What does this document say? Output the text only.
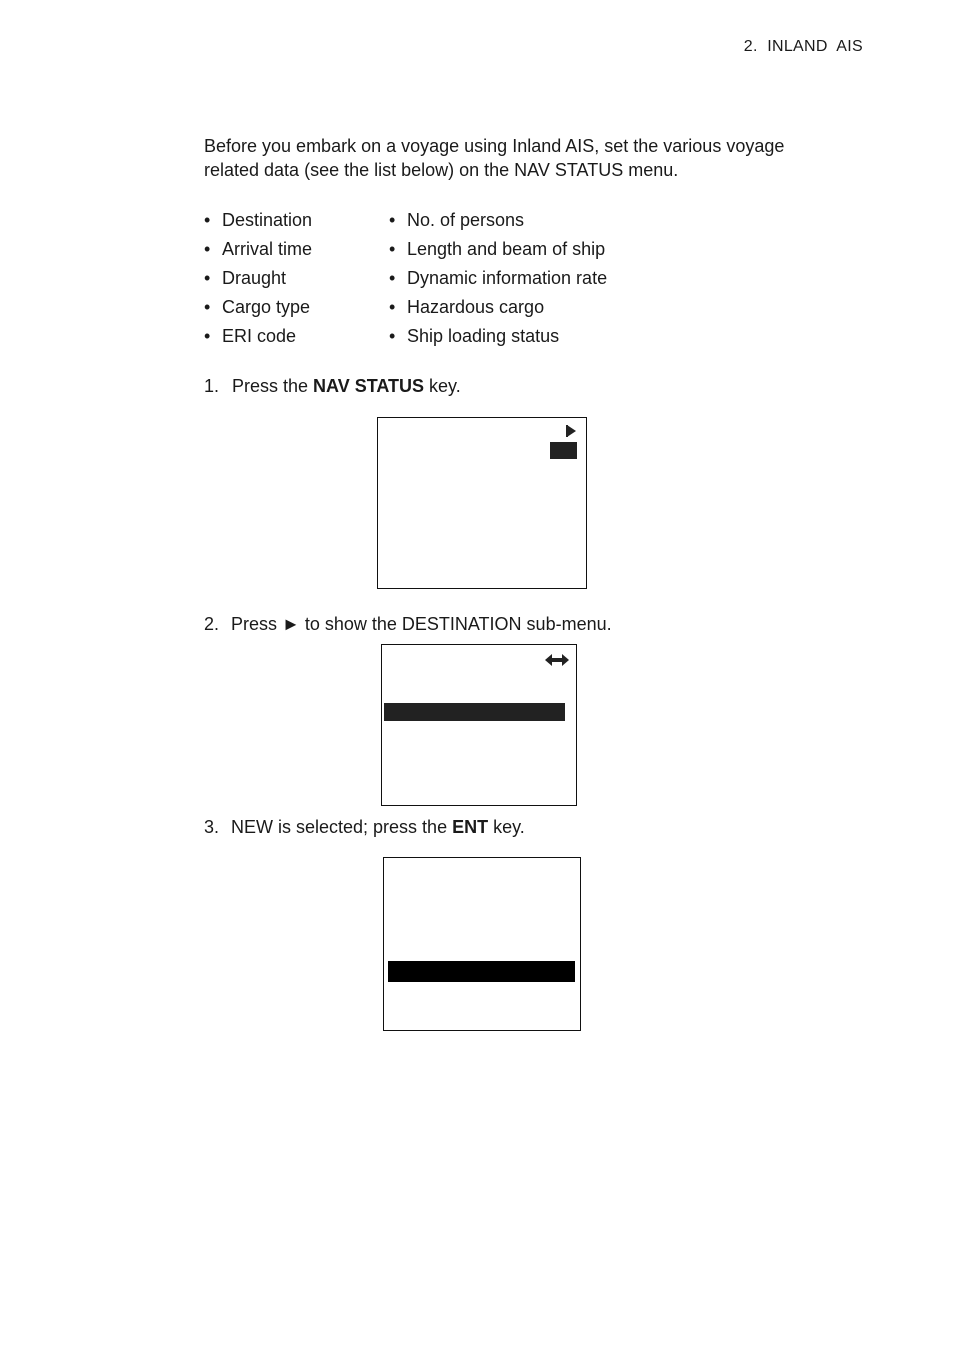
2.  INLAND  AIS
Before you embark on a voyage using Inland AIS, set the various voyage related data (see the list below) on the NAV STATUS menu.
• Destination
• Arrival time
• Draught
• Cargo type
• ERI code
• No. of persons
• Length and beam of ship
• Dynamic information rate
• Hazardous cargo
• Ship loading status
1. Press the NAV STATUS key.
2. Press ► to show the DESTINATION sub-menu.
3. NEW is selected; press the ENT key.
